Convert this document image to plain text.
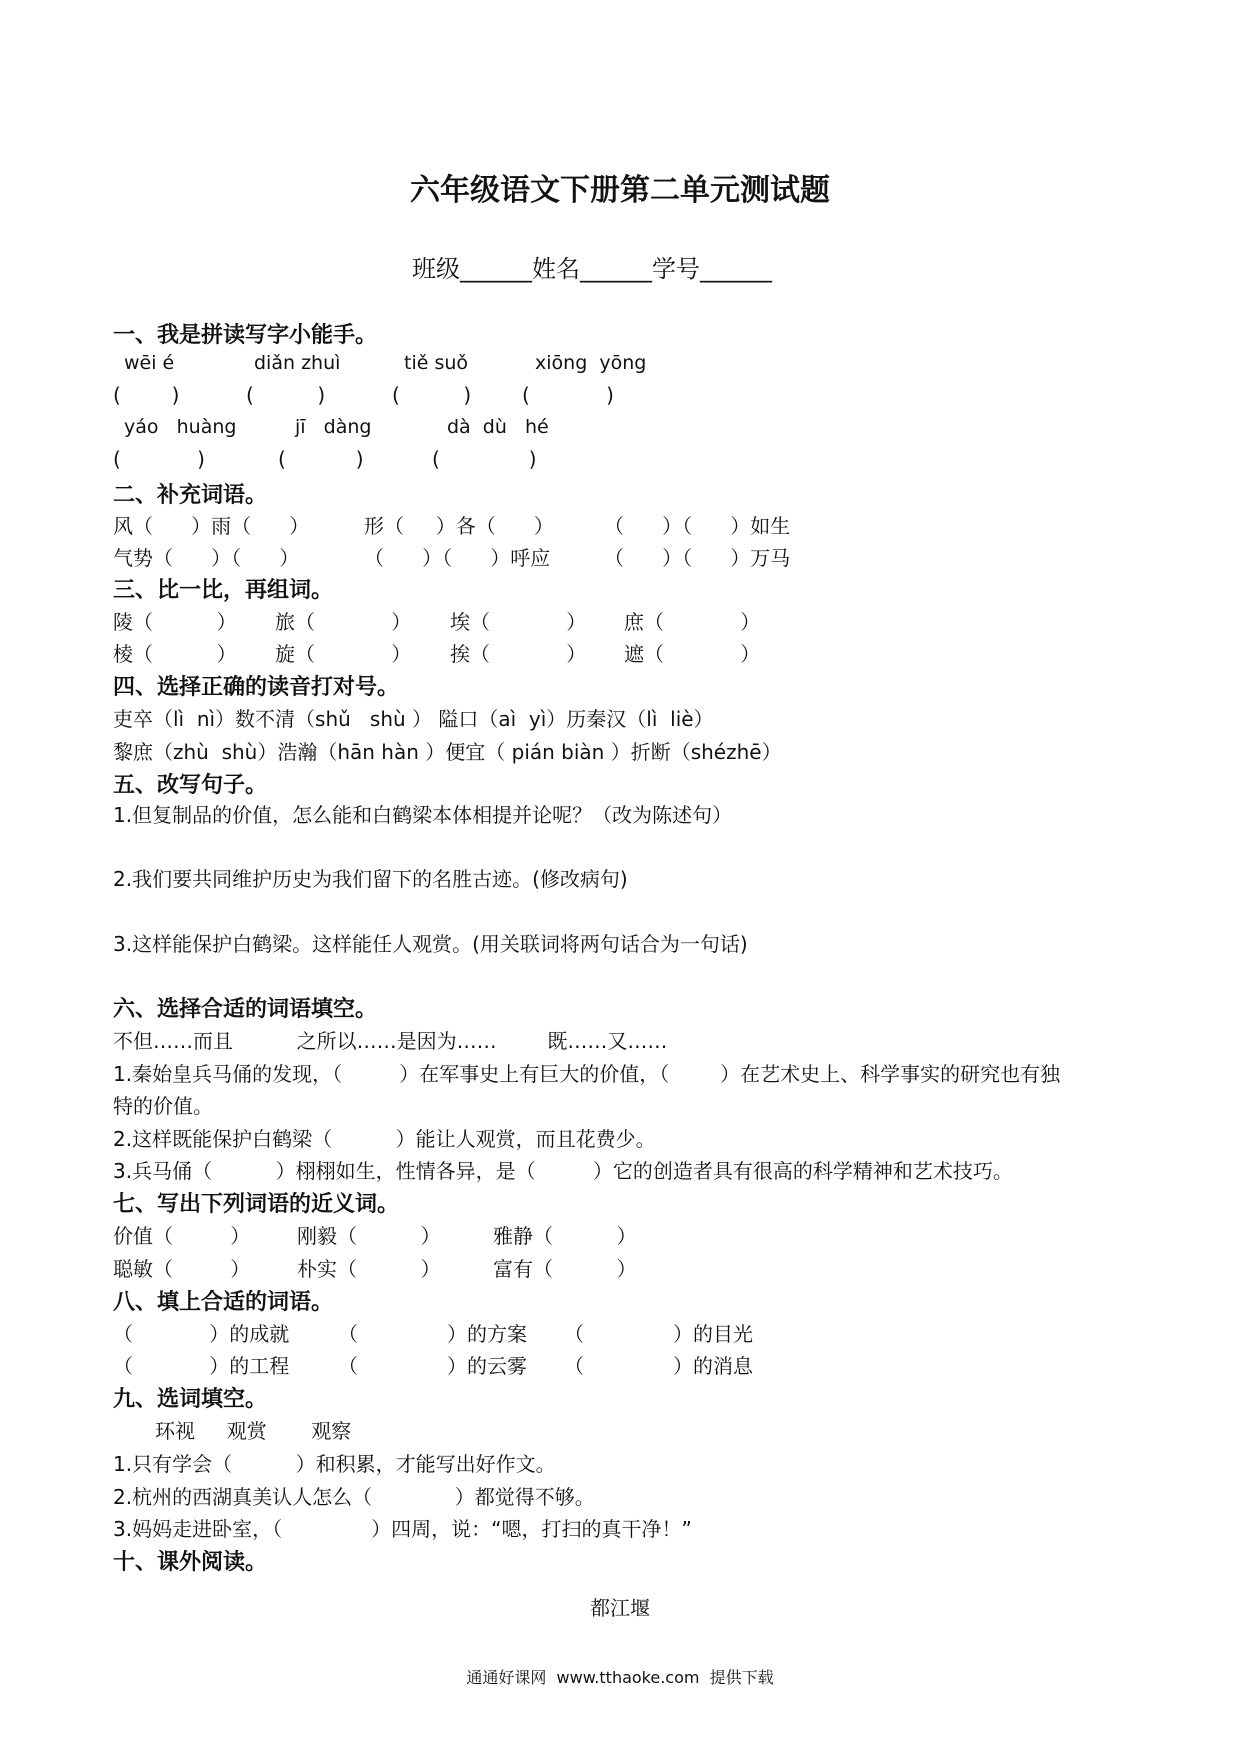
六年级语文下册第二单元测试题
班级______姓名______学号______
一、我是拼读写字小能手。
wēi é	diǎn zhuì	tiě suǒ	xiōng  yōng
(        )	(          )	(          )	(            )
yáo   huàng	jī   dàng	dà  dù   hé
(            )	(           )	(              )
二、补充词语。
风（      ）雨（      ）	形（     ）各（      ）	（      ）（      ）如生
气势（      ）（      ）	（      ）（      ）呼应	（      ）（      ）万马
三、比一比，再组词。
陵（          ） 旅（            ） 埃（            ） 庶（            ）
棱（          ） 旋（            ） 挨（            ） 遮（            ）
四、选择正确的读音打对号。
吏卒（lì  nì）数不清（shǔ   shù ） 隘口（aì  yì）历秦汉（lì  liè）
黎庶（zhù  shù）浩瀚（hān hàn ）便宜（ pián biàn ）折断（shézhē）
五、改写句子。
1.但复制品的价值，怎么能和白鹤梁本体相提并论呢？（改为陈述句）
2.我们要共同维护历史为我们留下的名胜古迹。(修改病句)
3.这样能保护白鹤梁。这样能任人观赏。(用关联词将两句话合为一句话)
六、选择合适的词语填空。
不但……而且          之所以……是因为……        既……又……
1.秦始皇兵马俑的发现，（         ）在军事史上有巨大的价值，（        ）在艺术史上、科学事实的研究也有独
特的价值。
2.这样既能保护白鹤梁（          ）能让人观赏，而且花费少。
3.兵马俑（          ）栩栩如生，性情各异，是（         ）它的创造者具有很高的科学精神和艺术技巧。
七、写出下列词语的近义词。
价值（         ） 刚毅（          ）	雅静（          ）
聪敏（         ） 朴实（          ）	富有（          ）
八、填上合适的词语。
（            ）的成就 （              ）的方案 （              ）的目光
（            ）的工程 （              ）的云雾 （              ）的消息
九、选词填空。
环视     观赏       观察
1.只有学会（          ）和积累，才能写出好作文。
2.杭州的西湖真美认人怎么（             ）都觉得不够。
3.妈妈走进卧室，（              ）四周，说：“嗯，打扫的真干净！”
十、课外阅读。
都江堰
通通好课网  www.tthaoke.com  提供下载
